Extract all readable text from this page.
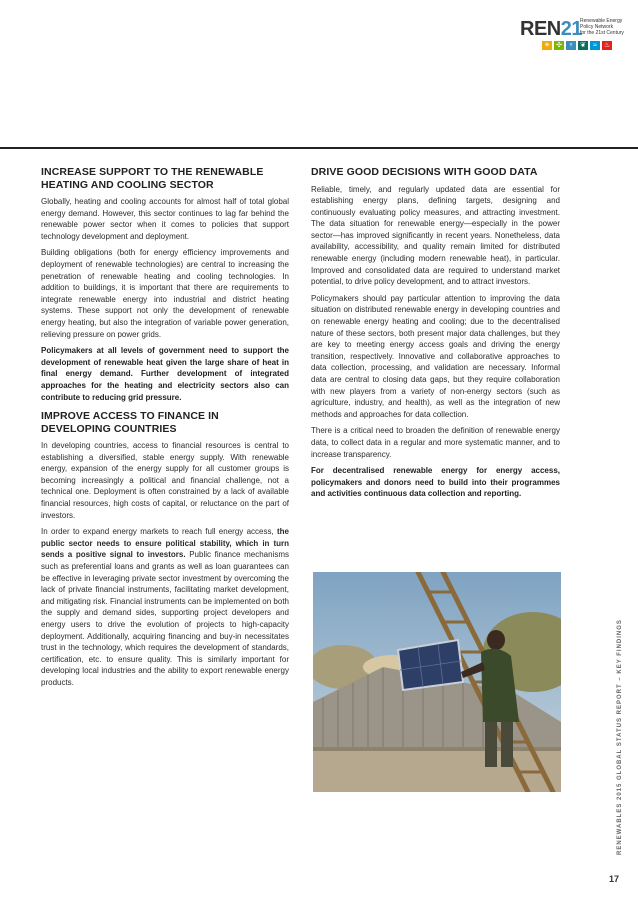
REN21
Renewable Energy
Policy Network
for the 21st Century
☀ ✣ ♆ ❦	≈ ♨
INCREASE SUPPORT TO THE RENEWABLE HEATING AND COOLING SECTOR

Globally, heating and cooling accounts for almost half of total global energy demand. However, this sector continues to lag far behind the renewable power sector when it comes to policies that support technology development and deployment.

Building obligations (both for energy efficiency improvements and deployment of renewable technologies) are central to increasing the penetration of renewable heating and cooling technologies. In addition to buildings, it is important that there are requirements to integrate renewable energy into industrial and district heating systems. These support not only the development of renewable energy heating, but also the integration of variable power generation, relieving pressure on power grids.

Policymakers at all levels of government need to support the development of renewable heat given the large share of heat in final energy demand. Further development of integrated approaches for the heating and electricity sectors also can contribute to reducing grid pressure.

IMPROVE ACCESS TO FINANCE IN DEVELOPING COUNTRIES

In developing countries, access to financial resources is central to establishing a diversified, stable energy supply. With renewable energy, expansion of the energy supply for all customer groups is becoming increasingly a political and financial challenge, not a technical one. Deployment is often constrained by a lack of available financial resources, high costs of capital, or reluctance on the part of investors.

In order to expand energy markets to reach full energy access, the public sector needs to ensure political stability, which in turn sends a positive signal to investors. Public finance mechanisms such as preferential loans and grants as well as loan guarantees can be effective in leveraging private sector investment by overcoming the lack of private financial instruments, facilitating market development, and mitigating risk. Financial instruments can be implemented on both the supply and demand sides, supporting project developers and energy users to drive the evolution of projects to high-capacity deployment. Additionally, acquiring financing and buy-in necessitates trust in the technology, which requires the development of standards, certification, etc. to ensure quality. This is similarly important for developing local industries and the ability to export renewable energy products.

DRIVE GOOD DECISIONS WITH GOOD DATA

Reliable, timely, and regularly updated data are essential for establishing energy plans, defining targets, designing and continuously evaluating policy measures, and attracting investment. The data situation for renewable energy—especially in the power sector—has improved significantly in recent years. Nonetheless, data availability, accessibility, and quality remain limited for distributed renewable energy (including modern renewable heat), in particular. Improved and consolidated data are required to understand market potential, to drive policy development, and to attract investors.

Policymakers should pay particular attention to improving the data situation on distributed renewable energy in developing countries and on renewable energy heating and cooling; due to the decentralised nature of these sectors, both present major data challenges, but they are key to meeting energy access goals and driving the energy transition, respectively. Innovative and collaborative approaches to data collection, processing, and validation are necessary. Informal data are central to closing data gaps, but they require collaboration with new players from a variety of non-energy sectors (such as agriculture, industry, and health), as well as the integration of new methods and approaches for data collection.

There is a critical need to broaden the definition of renewable energy data, to collect data in a regular and more systematic manner, and to increase transparency.

For decentralised renewable energy for energy access, policymakers and donors need to build into their programmes and activities continuous data collection and reporting.

RENEWABLES 2015 GLOBAL STATUS REPORT – KEY FINDINGS
17
